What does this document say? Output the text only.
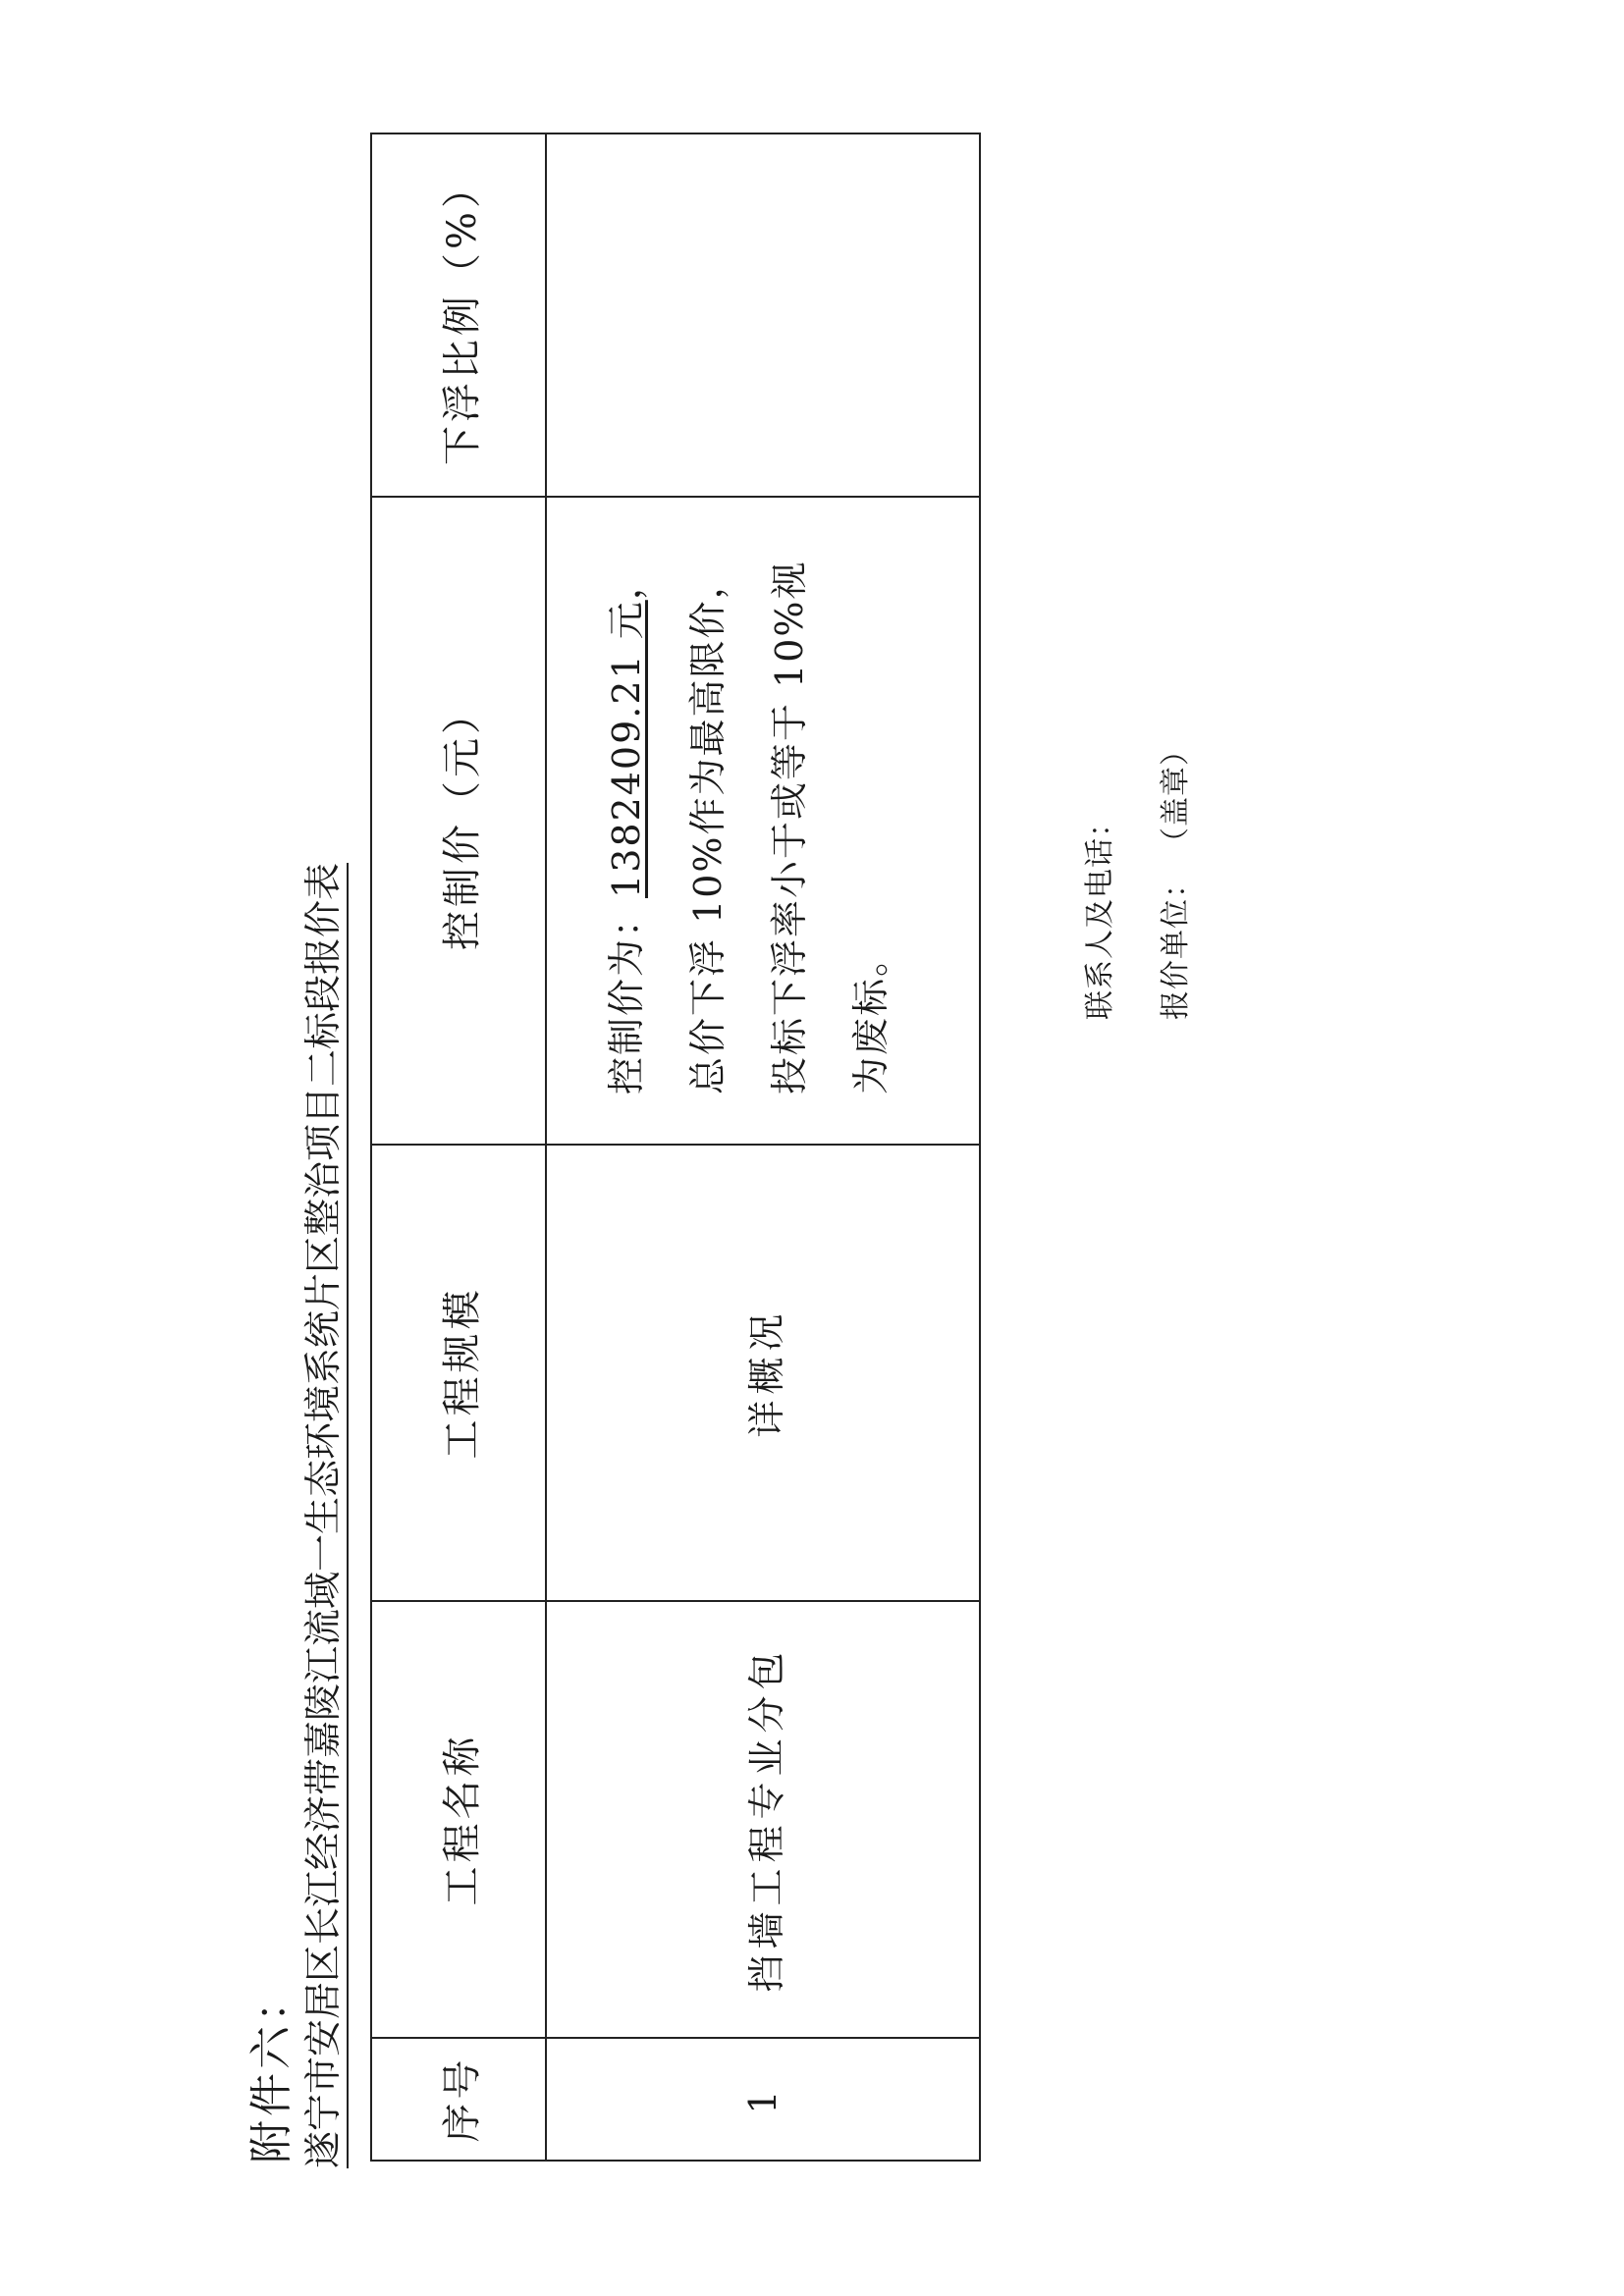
附件六： 遂宁市安居区长江经济带嘉陵江流域一生态环境系统片区整治项目二标段报价表 序号	工程名称	工程规模	控制价（元）	下浮比例（%）
1	挡墙工程专业分包	详概况	控制价为：1382409.21 元，总价下浮 10%作为最高限价，投标下浮率小于或等于 10%视为废标。		联系人及电话： 报价单位：（盖章）
